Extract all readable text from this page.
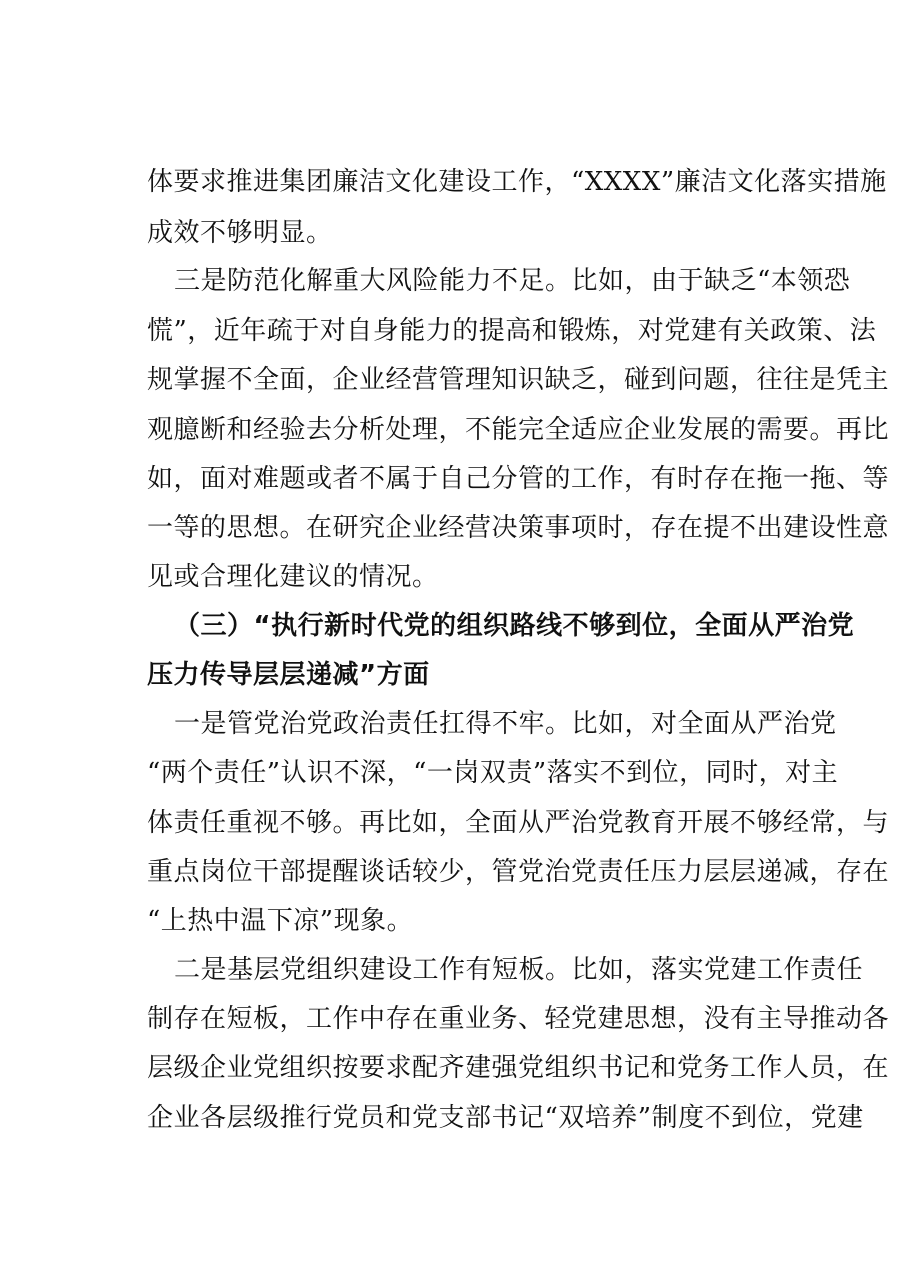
体要求推进集团廉洁文化建设工作，“XXXX”廉洁文化落实措施
成效不够明显。
三是防范化解重大风险能力不足。比如，由于缺乏“本领恐
慌”，近年疏于对自身能力的提高和锻炼，对党建有关政策、法
规掌握不全面，企业经营管理知识缺乏，碰到问题，往往是凭主
观臆断和经验去分析处理，不能完全适应企业发展的需要。再比
如，面对难题或者不属于自己分管的工作，有时存在拖一拖、等
一等的思想。在研究企业经营决策事项时，存在提不出建设性意
见或合理化建议的情况。
（三）“执行新时代党的组织路线不够到位，全面从严治党
压力传导层层递减”方面
一是管党治党政治责任扛得不牢。比如，对全面从严治党
“两个责任”认识不深，“一岗双责”落实不到位，同时，对主
体责任重视不够。再比如，全面从严治党教育开展不够经常，与
重点岗位干部提醒谈话较少，管党治党责任压力层层递减，存在
“上热中温下凉”现象。
二是基层党组织建设工作有短板。比如，落实党建工作责任
制存在短板，工作中存在重业务、轻党建思想，没有主导推动各
层级企业党组织按要求配齐建强党组织书记和党务工作人员，在
企业各层级推行党员和党支部书记“双培养”制度不到位，党建
